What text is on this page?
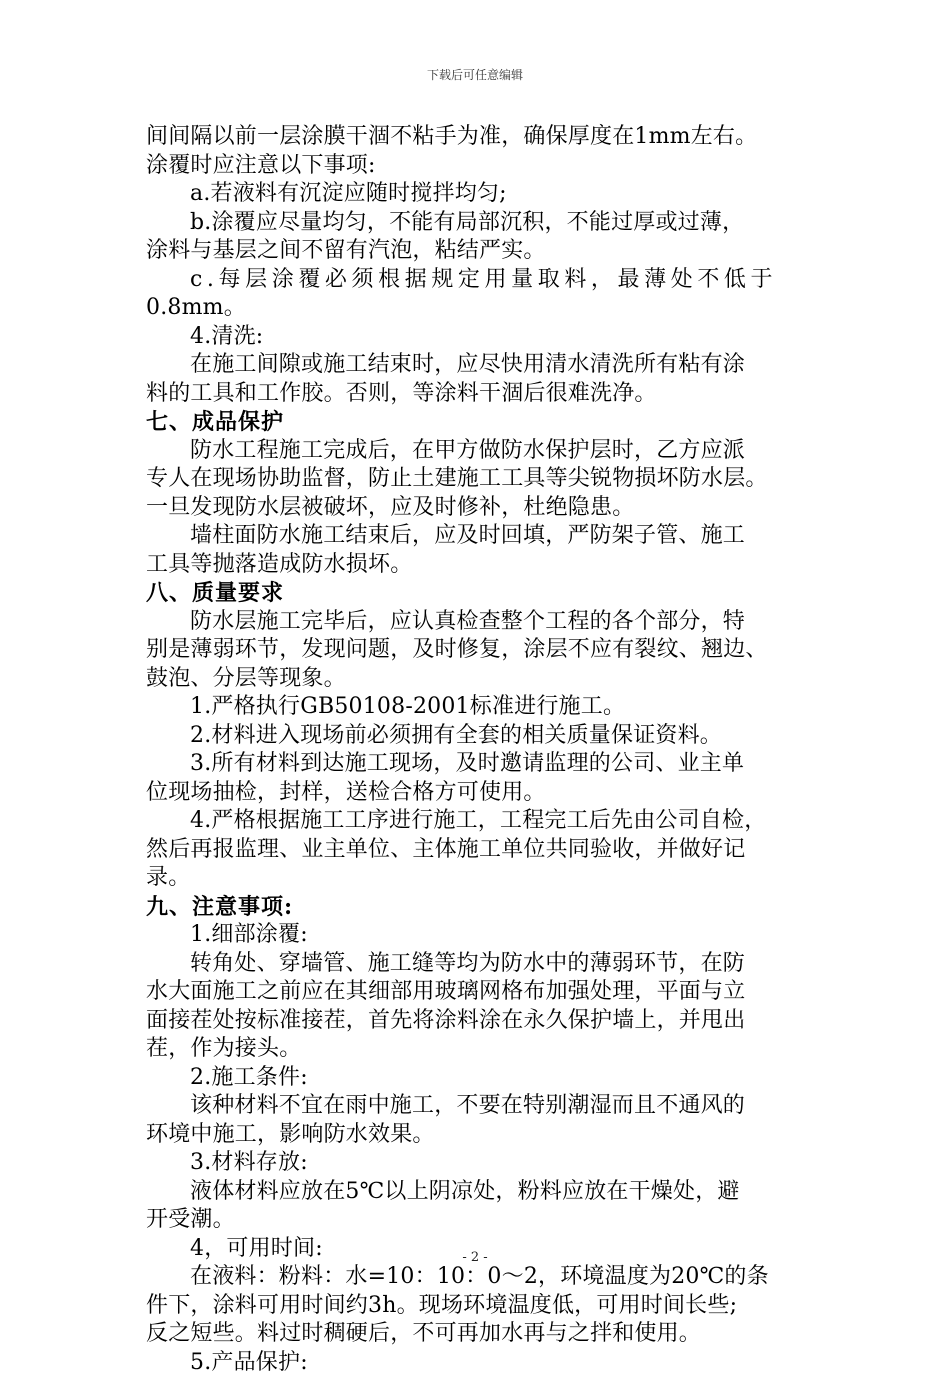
下载后可任意编辑
间间隔以前一层涂膜干涸不粘手为准，确保厚度在1mm左右。
涂覆时应注意以下事项:
a.若液料有沉淀应随时搅拌均匀;
b.涂覆应尽量均匀，不能有局部沉积，不能过厚或过薄，
涂料与基层之间不留有汽泡，粘结严实。
c.每层涂覆必须根据规定用量取料，最薄处不低于
0.8mm。
4.清洗:
在施工间隙或施工结束时，应尽快用清水清洗所有粘有涂
料的工具和工作胶。否则，等涂料干涸后很难洗净。
七、成品保护
防水工程施工完成后，在甲方做防水保护层时，乙方应派
专人在现场协助监督，防止土建施工工具等尖锐物损坏防水层。
一旦发现防水层被破坏，应及时修补，杜绝隐患。
墙柱面防水施工结束后，应及时回填，严防架子管、施工
工具等抛落造成防水损坏。
八、质量要求
防水层施工完毕后，应认真检查整个工程的各个部分，特
别是薄弱环节，发现问题，及时修复，涂层不应有裂纹、翘边、
鼓泡、分层等现象。
1.严格执行GB50108-2001标准进行施工。
2.材料进入现场前必须拥有全套的相关质量保证资料。
3.所有材料到达施工现场，及时邀请监理的公司、业主单
位现场抽检，封样，送检合格方可使用。
4.严格根据施工工序进行施工，工程完工后先由公司自检，
然后再报监理、业主单位、主体施工单位共同验收，并做好记
录。
九、注意事项:
1.细部涂覆:
转角处、穿墙管、施工缝等均为防水中的薄弱环节，在防
水大面施工之前应在其细部用玻璃网格布加强处理，平面与立
面接茬处按标准接茬，首先将涂料涂在永久保护墙上，并甩出
茬，作为接头。
2.施工条件:
该种材料不宜在雨中施工，不要在特别潮湿而且不通风的
环境中施工，影响防水效果。
3.材料存放:
液体材料应放在5℃以上阴凉处，粉料应放在干燥处，避
开受潮。
4，可用时间:
在液料：粉料：水=10：10：0～2，环境温度为20℃的条
件下，涂料可用时间约3h。现场环境温度低，可用时间长些;
反之短些。料过时稠硬后，不可再加水再与之拌和使用。
5.产品保护:
- 2 -
